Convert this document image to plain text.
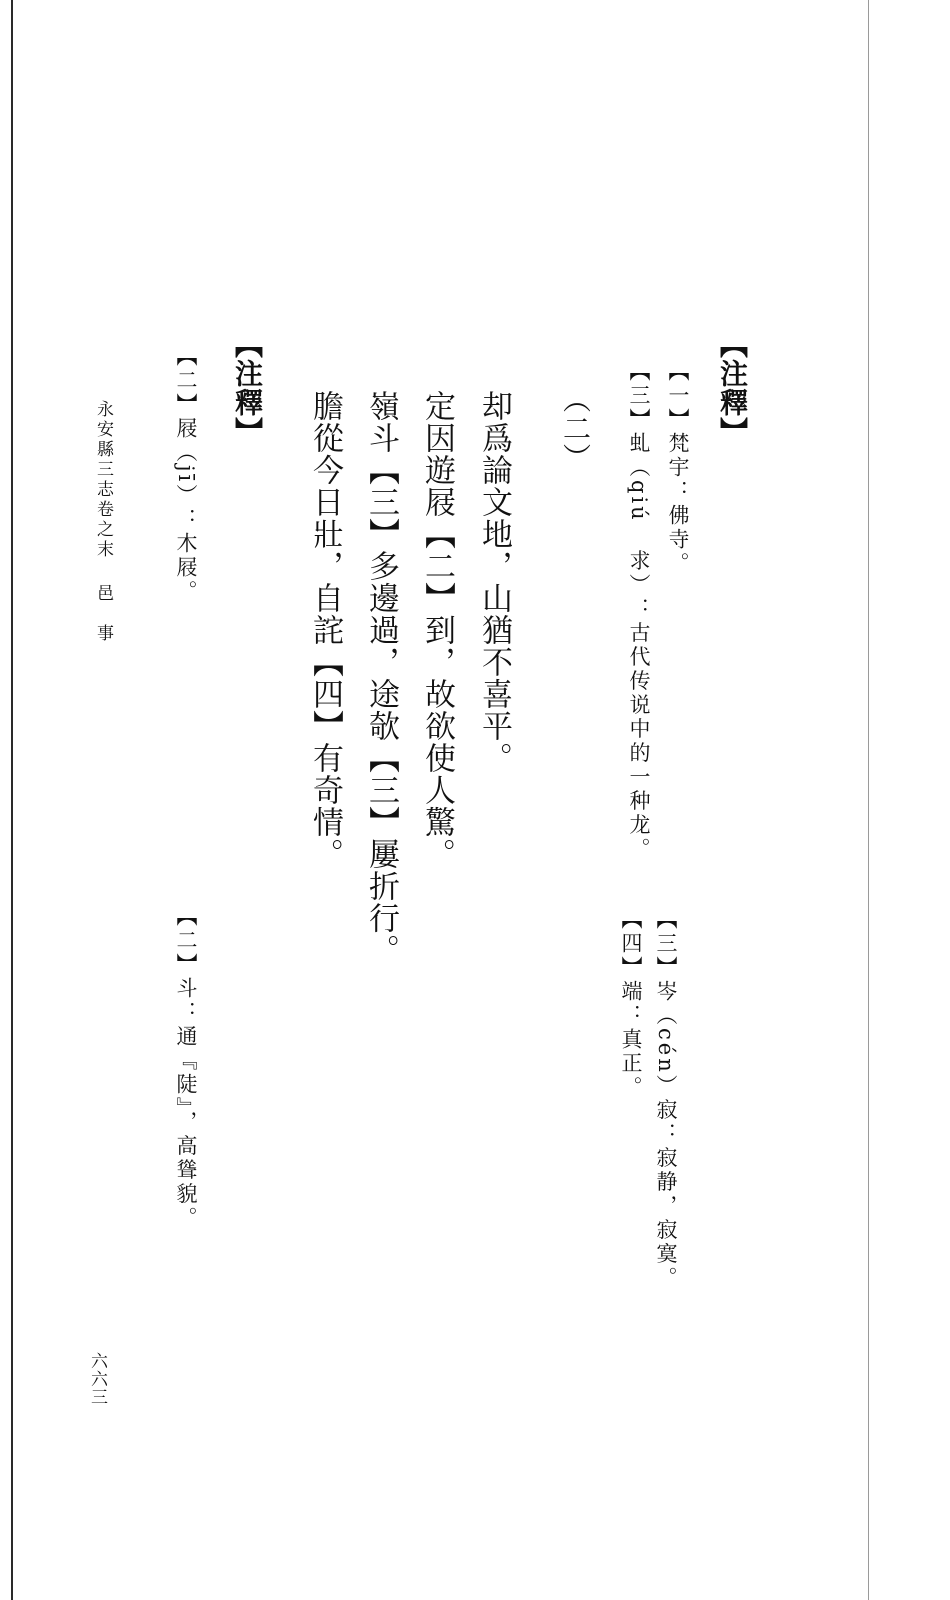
【注釋】
【一】梵宇：佛寺。
【三】虬（qiú 求）：古代传说中的一种龙。
【三】岑（cén）寂：寂静，寂寞。
【四】端：真正。
（二）
却爲論文地，山猶不喜平。
定因遊屐【二】到，故欲使人驚。
嶺斗【三】多邊過，途欹【三】屢折行。
膽從今日壯，自詫【四】有奇情。
【注釋】
【二】屐（jī）：木屐。
【二】斗：通『陡』，高聳貌。
永安縣三志卷之末邑　事
六六三
